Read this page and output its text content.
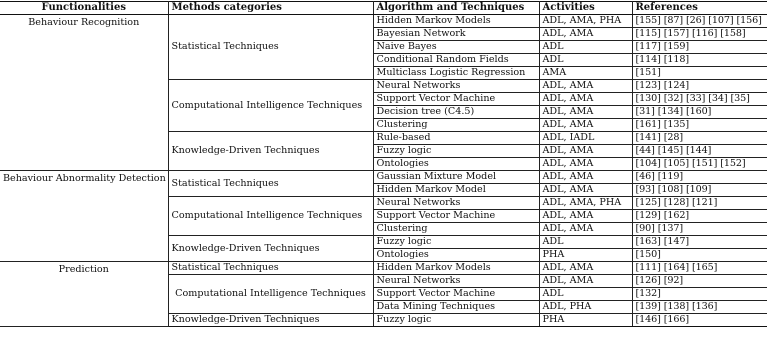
Functionalities	Methods categories	Algorithm and Techniques	Activities	References
Behaviour Recognition	Statistical Techniques	Hidden Markov Models	ADL, AMA, PHA	[155] [87] [26] [107] [156]
		Bayesian Network	ADL, AMA	[115] [157] [116] [158]
		Naive Bayes	ADL	[117] [159]
		Conditional Random Fields	ADL	[114] [118]
		Multiclass Logistic Regression	AMA	[151]
	Computational Intelligence Techniques	Neural Networks	ADL, AMA	[123] [124]
		Support Vector Machine	ADL, AMA	[130] [32] [33] [34] [35]
		Decision tree (C4.5)	ADL, AMA	[31] [134] [160]
		Clustering	ADL, AMA	[161] [135]
	Knowledge-Driven Techniques	Rule-based	ADL, IADL	[141] [28]
		Fuzzy logic	ADL, AMA	[44] [145] [144]
		Ontologies	ADL, AMA	[104] [105] [151] [152]
Behaviour Abnormality Detection	Statistical Techniques	Gaussian Mixture Model	ADL, AMA	[46] [119]
		Hidden Markov Model	ADL, AMA	[93] [108] [109]
	Computational Intelligence Techniques	Neural Networks	ADL, AMA, PHA	[125] [128] [121]
		Support Vector Machine	ADL, AMA	[129] [162]
		Clustering	ADL, AMA	[90] [137]
	Knowledge-Driven Techniques	Fuzzy logic	ADL	[163] [147]
		Ontologies	PHA	[150]
Prediction	Statistical Techniques	Hidden Markov Models	ADL, AMA	[111] [164] [165]
	Computational Intelligence Techniques	Neural Networks	ADL, AMA	[126] [92]
		Support Vector Machine	ADL	[132]
		Data Mining Techniques	ADL, PHA	[139] [138] [136]
	Knowledge-Driven Techniques	Fuzzy logic	PHA	[146] [166]
